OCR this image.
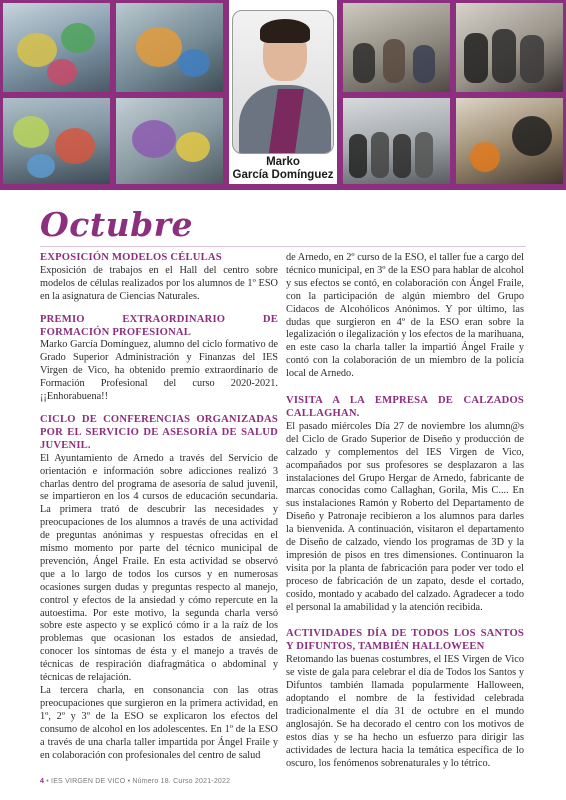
Marko
García Domínguez
Octubre
EXPOSICIÓN MODELOS CÉLULAS

Exposición de trabajos en el Hall del centro sobre modelos de células realizados por los alumnos de 1º ESO en la asignatura de Ciencias Naturales.

PREMIO EXTRAORDINARIO DE FORMACIÓN PROFESIONAL

Marko García Domínguez, alumno del ciclo formativo de Grado Superior Administración y Finanzas del IES Virgen de Vico, ha obtenido premio extraordinario de Formación Profesional del curso 2020-2021. ¡¡Enhorabuena!!

CICLO DE CONFERENCIAS ORGANIZADAS POR EL SERVICIO DE ASESORÍA DE SALUD JUVENIL.

El Ayuntamiento de Arnedo a través del Servicio de orientación e información sobre adicciones realizó 3 charlas dentro del programa de asesoría de salud juvenil, se impartieron en los 4 cursos de educación secundaria. La primera trató de descubrir las necesidades y preocupaciones de los alumnos a través de una actividad de preguntas anónimas y respuestas ofrecidas en el mismo momento por parte del técnico municipal de prevención, Ángel Fraile. En esta actividad se observó que a lo largo de todos los cursos y en numerosas ocasiones surgen dudas y preguntas respecto al manejo, control y efectos de la ansiedad y cómo repercute en la autoestima. Por este motivo, la segunda charla versó sobre este aspecto y se explicó cómo ir a la raíz de los problemas que ocasionan los estados de ansiedad, conocer los síntomas de ésta y el manejo a través de técnicas de respiración diafragmática o abdominal y técnicas de relajación.

La tercera charla, en consonancia con las otras preocupaciones que surgieron en la primera actividad, en 1º, 2º y 3º de la ESO se explicaron los efectos del consumo de alcohol en los adolescentes. En 1º de la ESO a través de una charla taller impartida por Ángel Fraile y en colaboración con profesionales del centro de salud

de Arnedo, en 2º curso de la ESO, el taller fue a cargo del técnico municipal, en 3º de la ESO para hablar de alcohol y sus efectos se contó, en colaboración con Ángel Fraile, con la participación de algún miembro del Grupo Cidacos de Alcohólicos Anónimos. Y por último, las dudas que surgieron en 4º de la ESO eran sobre la legalización o ilegalización y los efectos de la marihuana, en este caso la charla taller la impartió Ángel Fraile y contó con la colaboración de un miembro de la policía local de Arnedo.

VISITA A LA EMPRESA DE CALZADOS CALLAGHAN.

El pasado miércoles Día 27 de noviembre los alumn@s del Ciclo de Grado Superior de Diseño y producción de calzado y complementos del IES Virgen de Vico, acompañados por sus profesores se desplazaron a las instalaciones del Grupo Hergar de Arnedo, fabricante de marcas conocidas como Callaghan, Gorila, Mis C.... En sus instalaciones Ramón y Roberto del Departamento de Diseño y Patronaje recibieron a los alumnos para darles la bienvenida. A continuación, visitaron el departamento de Diseño de calzado, viendo los programas de 3D y la impresión de pisos en tres dimensiones. Continuaron la visita por la planta de fabricación para poder ver todo el proceso de fabricación de un zapato, desde el cortado, cosido, montado y acabado del calzado. Agradecer a todo el personal la amabilidad y la atención recibida.

ACTIVIDADES DÍA DE TODOS LOS SANTOS Y DIFUNTOS, TAMBIÉN HALLOWEEN

Retomando las buenas costumbres, el IES Virgen de Vico se viste de gala para celebrar el día de Todos los Santos y Difuntos también llamada popularmente Halloween, adoptando el nombre de la festividad celebrada tradicionalmente el día 31 de octubre en el mundo anglosajón. Se ha decorado el centro con los motivos de estos días y se ha hecho un esfuerzo para dirigir las actividades de lectura hacia la temática específica de lo oscuro, los fenómenos sobrenaturales y lo tétrico.

4 • IES VIRGEN DE VICO • Número 18. Curso 2021-2022
